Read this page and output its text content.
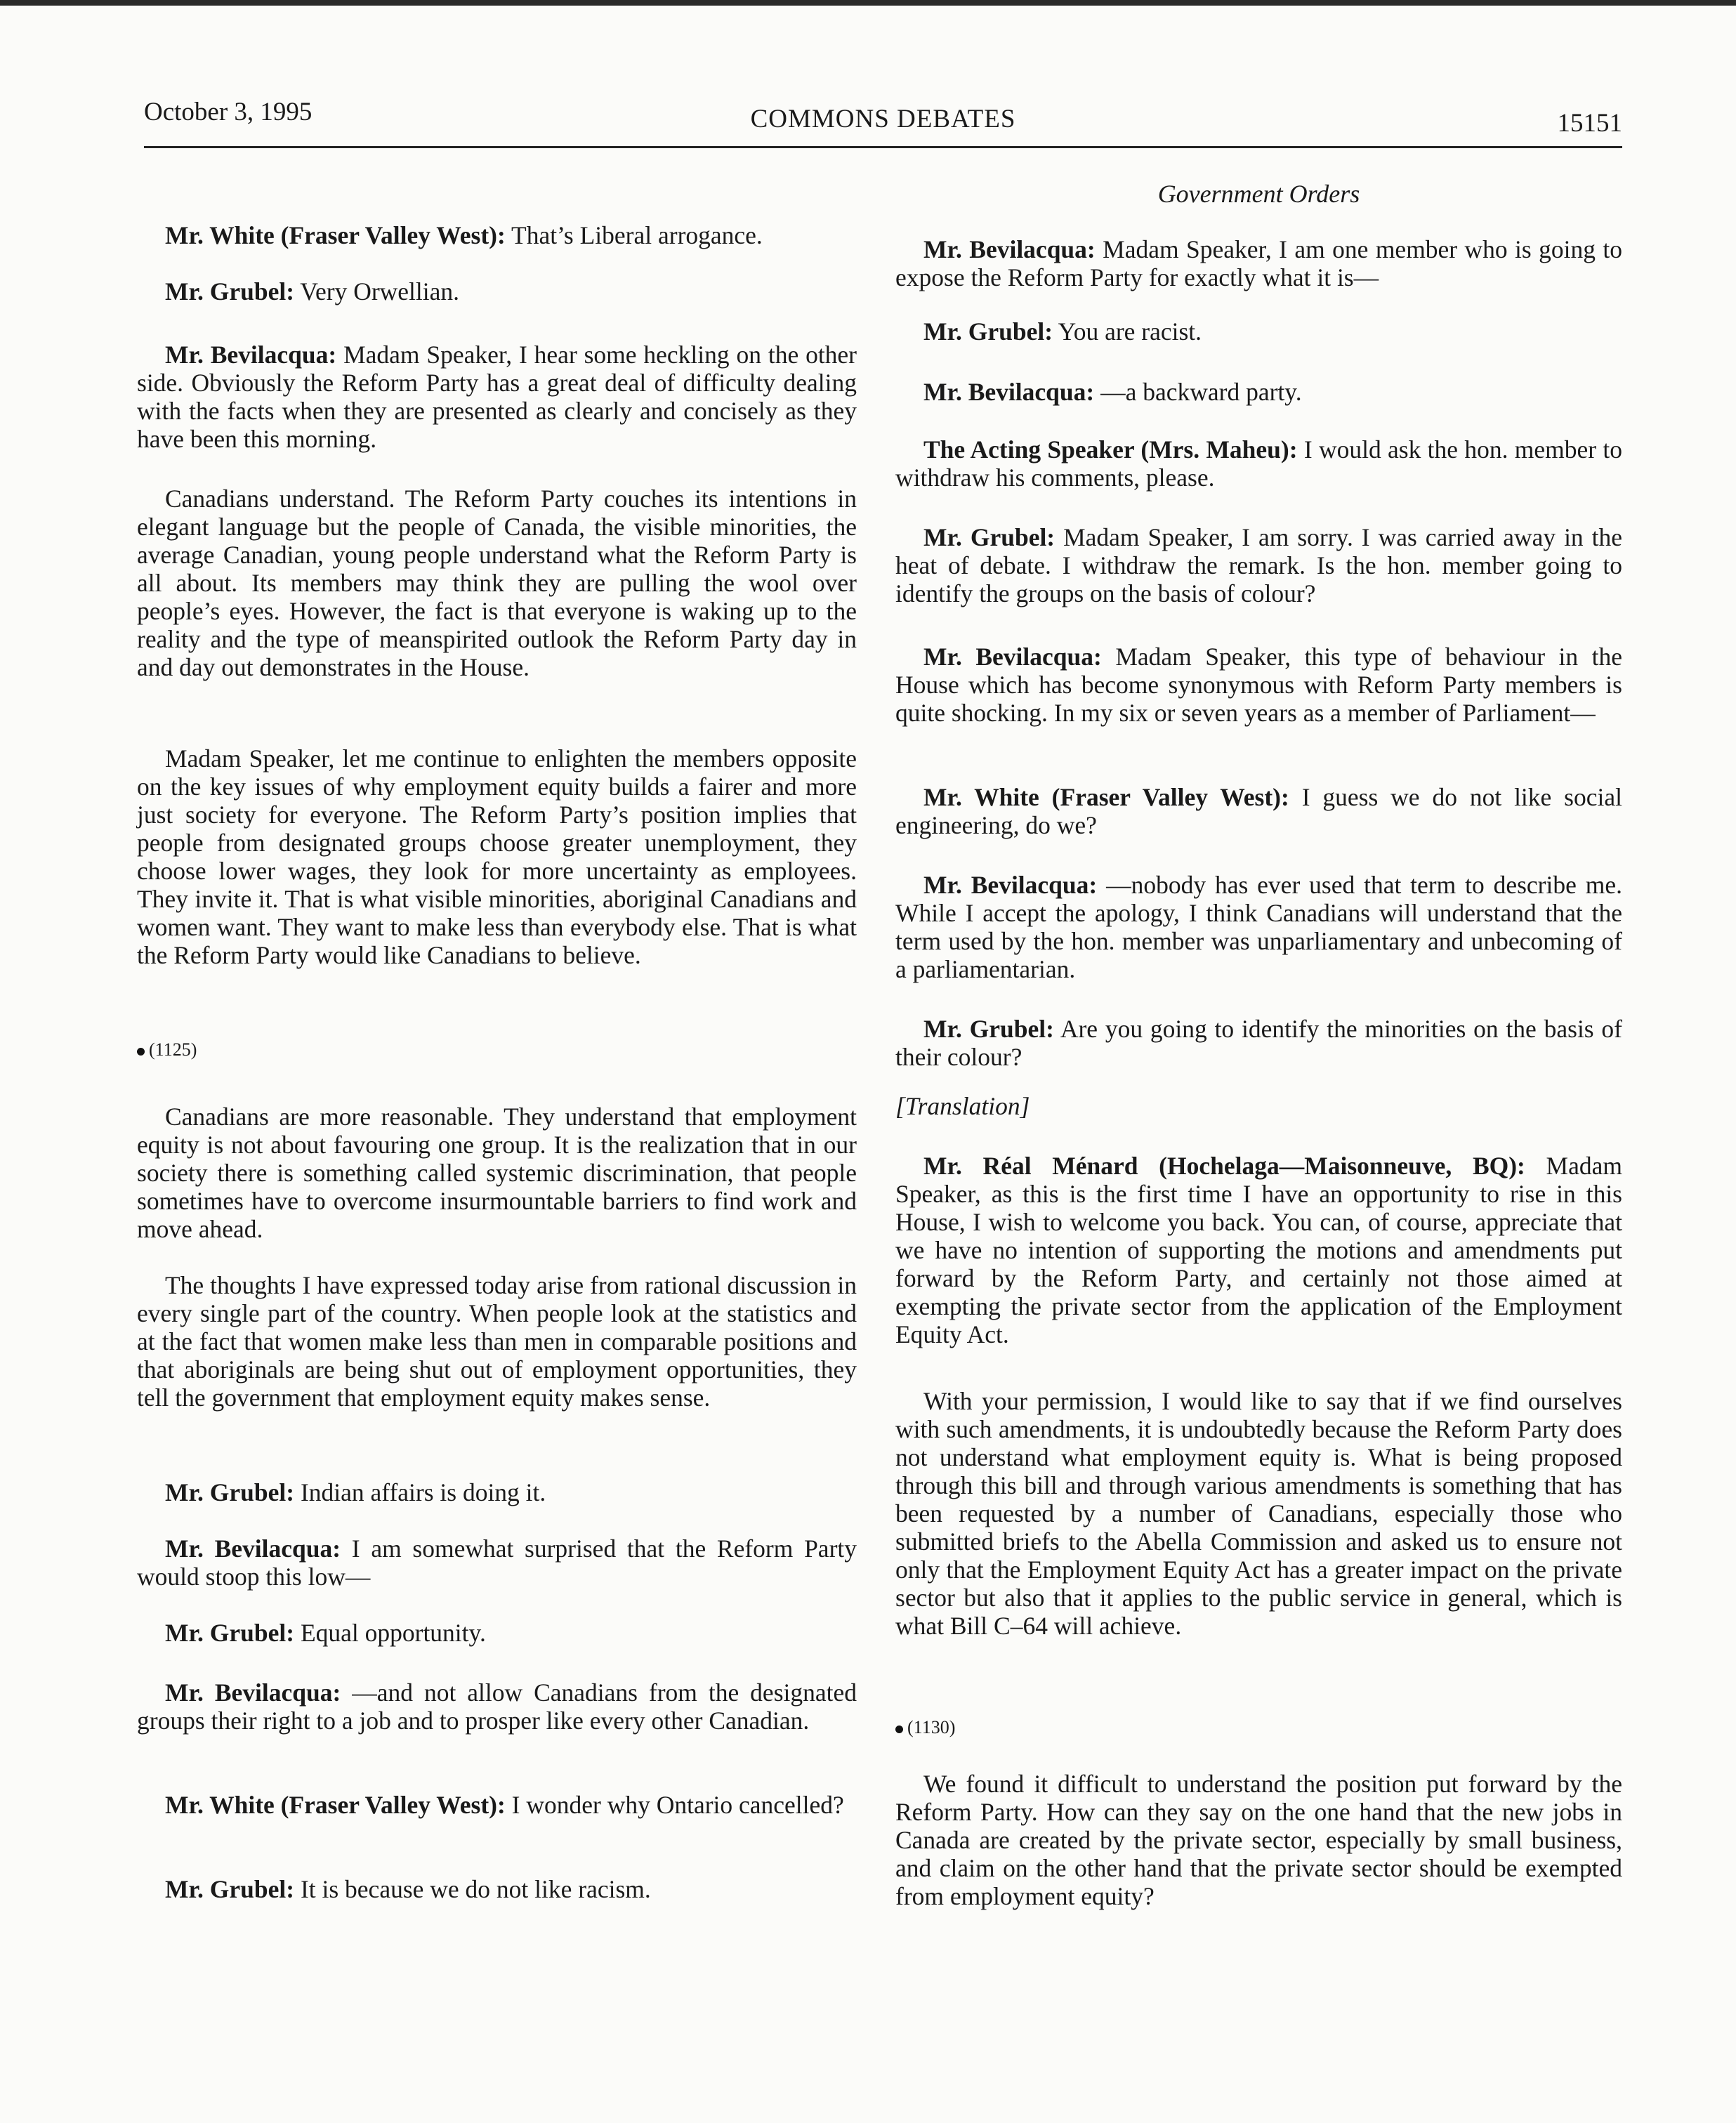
October 3, 1995	COMMONS DEBATES	15151
Government Orders

Mr. White (Fraser Valley West): That’s Liberal arrogance.

Mr. Grubel: Very Orwellian.

Mr. Bevilacqua: Madam Speaker, I hear some heckling on the other side. Obviously the Reform Party has a great deal of difficulty dealing with the facts when they are presented as clearly and concisely as they have been this morning.

Canadians understand. The Reform Party couches its intentions in elegant language but the people of Canada, the visible minorities, the average Canadian, young people understand what the Reform Party is all about. Its members may think they are pulling the wool over people’s eyes. However, the fact is that everyone is waking up to the reality and the type of meanspirited outlook the Reform Party day in and day out demonstrates in the House.

Madam Speaker, let me continue to enlighten the members opposite on the key issues of why employment equity builds a fairer and more just society for everyone. The Reform Party’s position implies that people from designated groups choose greater unemployment, they choose lower wages, they look for more uncertainty as employees. They invite it. That is what visible minorities, aboriginal Canadians and women want. They want to make less than everybody else. That is what the Reform Party would like Canadians to believe.

(1125)

Canadians are more reasonable. They understand that employment equity is not about favouring one group. It is the realization that in our society there is something called systemic discrimination, that people sometimes have to overcome insurmountable barriers to find work and move ahead.

The thoughts I have expressed today arise from rational discussion in every single part of the country. When people look at the statistics and at the fact that women make less than men in comparable positions and that aboriginals are being shut out of employment opportunities, they tell the government that employment equity makes sense.

Mr. Grubel: Indian affairs is doing it.

Mr. Bevilacqua: I am somewhat surprised that the Reform Party would stoop this low—

Mr. Grubel: Equal opportunity.

Mr. Bevilacqua: —and not allow Canadians from the designated groups their right to a job and to prosper like every other Canadian.

Mr. White (Fraser Valley West): I wonder why Ontario cancelled?

Mr. Grubel: It is because we do not like racism.

Mr. Bevilacqua: Madam Speaker, I am one member who is going to expose the Reform Party for exactly what it is—

Mr. Grubel: You are racist.

Mr. Bevilacqua: —a backward party.

The Acting Speaker (Mrs. Maheu): I would ask the hon. member to withdraw his comments, please.

Mr. Grubel: Madam Speaker, I am sorry. I was carried away in the heat of debate. I withdraw the remark. Is the hon. member going to identify the groups on the basis of colour?

Mr. Bevilacqua: Madam Speaker, this type of behaviour in the House which has become synonymous with Reform Party members is quite shocking. In my six or seven years as a member of Parliament—

Mr. White (Fraser Valley West): I guess we do not like social engineering, do we?

Mr. Bevilacqua: —nobody has ever used that term to describe me. While I accept the apology, I think Canadians will understand that the term used by the hon. member was unparliamentary and unbecoming of a parliamentarian.

Mr. Grubel: Are you going to identify the minorities on the basis of their colour?

[Translation]

Mr. Réal Ménard (Hochelaga—Maisonneuve, BQ): Madam Speaker, as this is the first time I have an opportunity to rise in this House, I wish to welcome you back. You can, of course, appreciate that we have no intention of supporting the motions and amendments put forward by the Reform Party, and certainly not those aimed at exempting the private sector from the application of the Employment Equity Act.

With your permission, I would like to say that if we find ourselves with such amendments, it is undoubtedly because the Reform Party does not understand what employment equity is. What is being proposed through this bill and through various amendments is something that has been requested by a number of Canadians, especially those who submitted briefs to the Abella Commission and asked us to ensure not only that the Employment Equity Act has a greater impact on the private sector but also that it applies to the public service in general, which is what Bill C–64 will achieve.

(1130)

We found it difficult to understand the position put forward by the Reform Party. How can they say on the one hand that the new jobs in Canada are created by the private sector, especially by small business, and claim on the other hand that the private sector should be exempted from employment equity?
